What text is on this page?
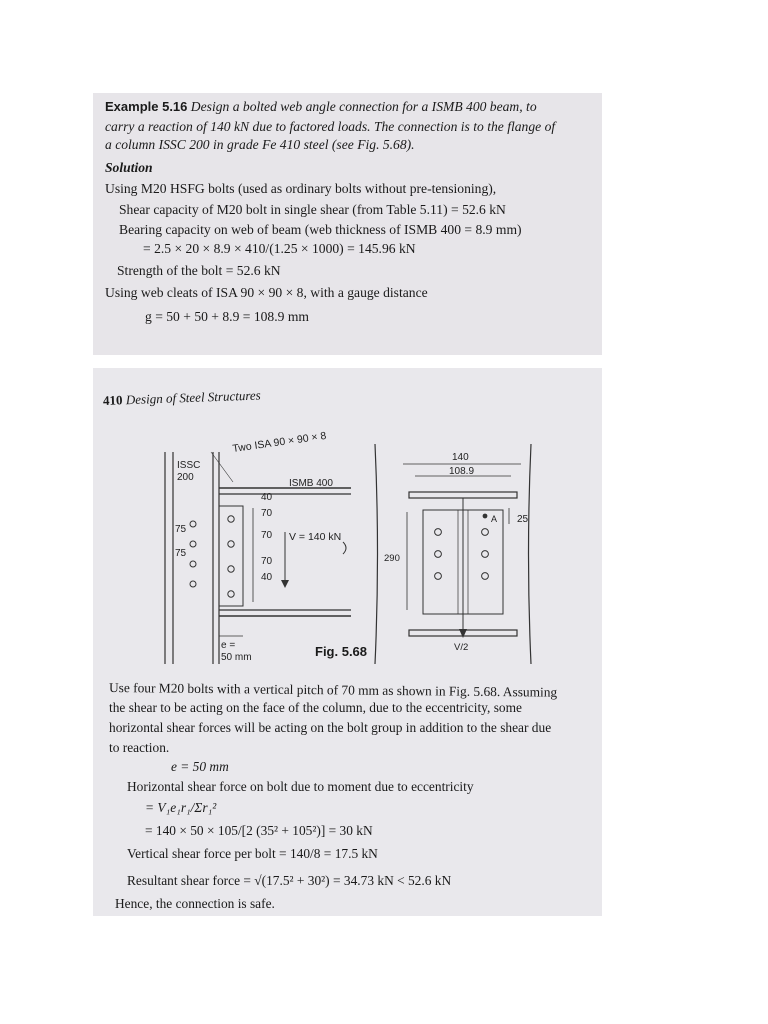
Example 5.16 Design a bolted web angle connection for a ISMB 400 beam, to
carry a reaction of 140 kN due to factored loads. The connection is to the flange of
a column ISSC 200 in grade Fe 410 steel (see Fig. 5.68).
Solution
Using M20 HSFG bolts (used as ordinary bolts without pre-tensioning),
Shear capacity of M20 bolt in single shear (from Table 5.11) = 52.6 kN
Bearing capacity on web of beam (web thickness of ISMB 400 = 8.9 mm)
= 2.5 × 20 × 8.9 × 410/(1.25 × 1000) = 145.96 kN
Strength of the bolt = 52.6 kN
Using web cleats of ISA 90 × 90 × 8, with a gauge distance
g = 50 + 50 + 8.9 = 108.9 mm
410 Design of Steel Structures
Two ISA 90 × 90 × 8
ISSC
200
ISMB 400
40
70
70
70
40
75
75
V = 140 kN
e =
50 mm
140
108.9
290
25
A
V/2
Fig. 5.68
Use four M20 bolts with a vertical pitch of 70 mm as shown in Fig. 5.68. Assuming
the shear to be acting on the face of the column, due to the eccentricity, some
horizontal shear forces will be acting on the bolt group in addition to the shear due
to reaction.
e = 50 mm
Horizontal shear force on bolt due to moment due to eccentricity
= V₁e₁r₁/Σr₁²
= 140 × 50 × 105/[2 (35² + 105²)] = 30 kN
Vertical shear force per bolt = 140/8 = 17.5 kN
Resultant shear force = √(17.5² + 30²) = 34.73 kN < 52.6 kN
Hence, the connection is safe.
